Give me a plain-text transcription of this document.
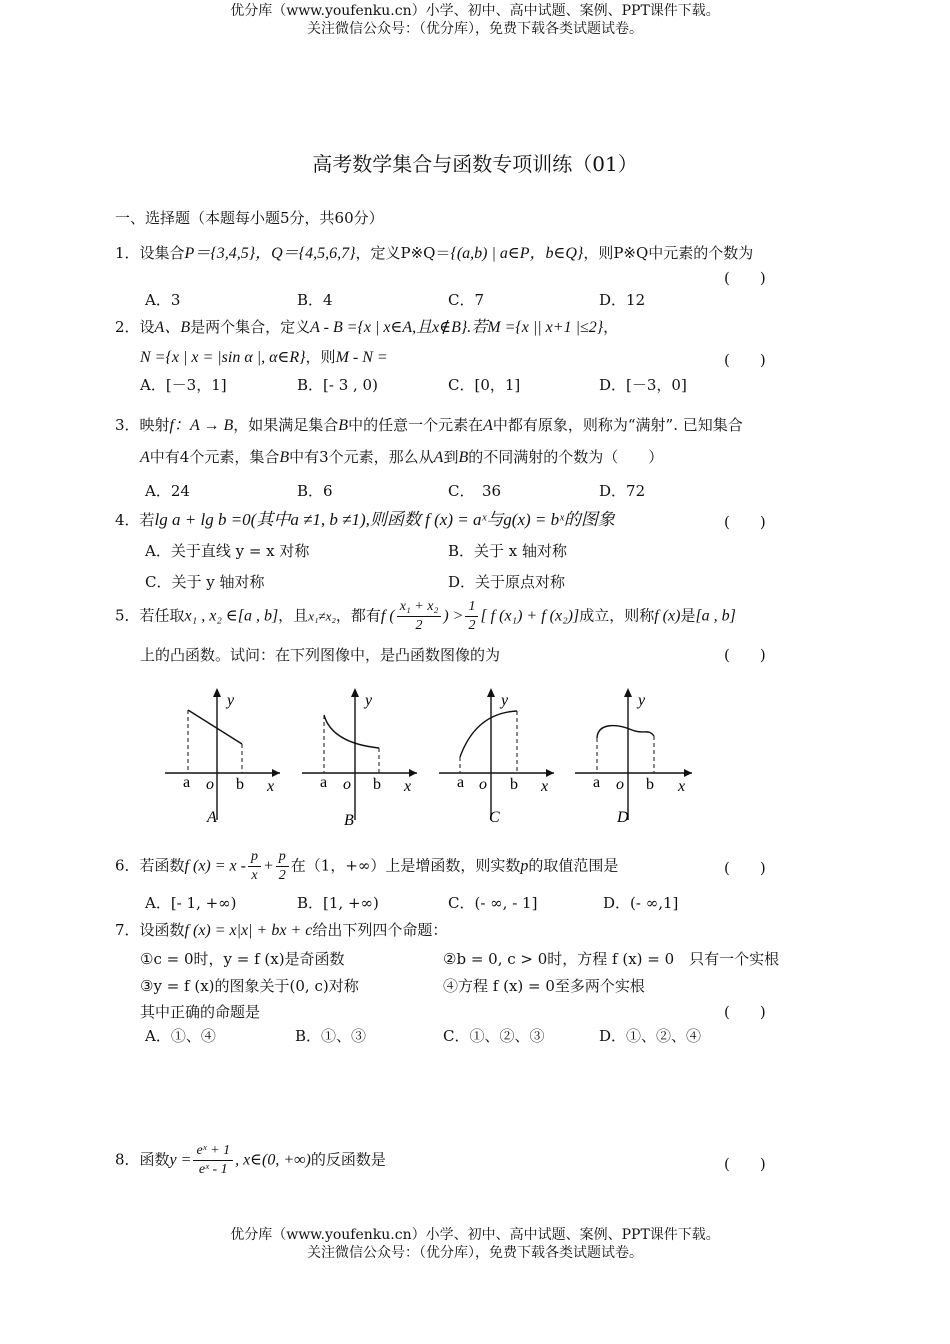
优分库（www.youfenku.cn）小学、初中、高中试题、案例、PPT课件下载。
关注微信公众号：（优分库），免费下载各类试题试卷。
高考数学集合与函数专项训练（01）
一、选择题（本题每小题5分，共60分）
1．设集合P＝{3,4,5}，Q＝{4,5,6,7}，定义P※Q＝{(a,b) | a∈P，b∈Q}，则P※Q中元素的个数为
(　　)
A．3	B．4	C．7	D．12
2．设A、B是两个集合，定义A - B ={x | x∈A,且x∉B}.若M ={x || x+1 |≤2}，
N ={x | x = |sin α |, α∈R}，则M - N =	(　　)
A．[－3，1]	B．[- 3 , 0)	C．[0，1]	D．[－3，0]
3．映射f：A → B，如果满足集合B中的任意一个元素在A中都有原象，则称为“满射”. 已知集合
A中有4个元素，集合B中有3个元素，那么从A到B的不同满射的个数为（　　）
A．24	B．6	C．　36	D．72
4．若lg a + lg b =0(其中a ≠1, b ≠1),则函数 f (x) = aˣ与g(x) = bˣ的图象	(　　)
A．关于直线 y = x 对称	B．关于 x 轴对称
C．关于 y 轴对称	D．关于原点对称
5．若任取x₁ , x₂ ∈[a , b]，且x₁≠x₂，都有f ( $\frac{\text{x₁ + x₂}}{2}$ ) > $\frac{1}{2}$ [ f (x₁) + f (x₂)]成立，则称f (x)是[a , b]
上的凸函数。试问：在下列图像中，是凸函数图像的为	(　　)
y
a o b x
A
y
a o b x
B
y
a o b x
C
y
a o b x
D
6．若函数f $(x) = x - \frac{p}{x} + \frac{p}{2}$ 在（1，+∞）上是增函数，则实数p的取值范围是	(　　)
A．[- 1, +∞)	B．[1, +∞)	C．(- ∞, - 1]	D．(- ∞,1]
7．设函数f (x) = x|x| + bx + c给出下列四个命题：
①c = 0时，y = f (x)是奇函数	②b = 0, c > 0时，方程 f (x) = 0　只有一个实根
③y = f (x)的图象关于(0, c)对称	④方程 f (x) = 0至多两个实根
其中正确的命题是	(　　)
A．①、④	B．①、③	C．①、②、③	D．①、②、④
8．函数$y = \frac{\text{eˣ + 1}}{\text{eˣ - 1}}$ , x∈(0, +∞)的反函数是	(　　)
优分库（www.youfenku.cn）小学、初中、高中试题、案例、PPT课件下载。
关注微信公众号：（优分库），免费下载各类试题试卷。
